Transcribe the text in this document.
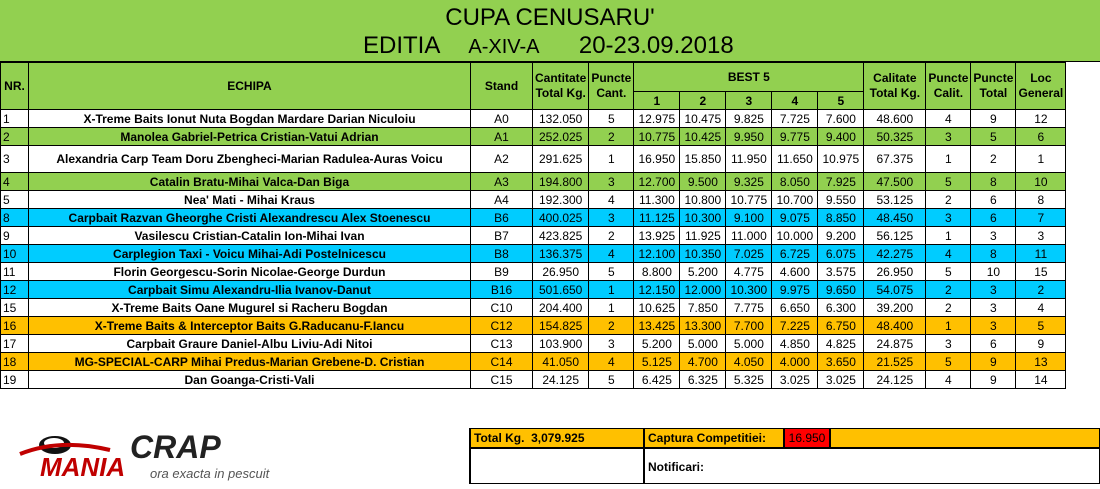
CUPA CENUSARU'
EDITIA A-XIV-A 20-23.09.2018
NR.	ECHIPA	Stand	Cantitate Total Kg.	Puncte Cant.	BEST 5					Calitate Total Kg.	Puncte Calit.	Puncte Total	Loc General
					1	2	3	4	5				
1	X-Treme Baits Ionut Nuta Bogdan Mardare Darian Niculoiu	A0	132.050	5	12.975	10.475	9.825	7.725	7.600	48.600	4	9	12
2	Manolea Gabriel-Petrica Cristian-Vatui Adrian	A1	252.025	2	10.775	10.425	9.950	9.775	9.400	50.325	3	5	6
3	Alexandria Carp Team Doru Zbengheci-Marian Radulea-Auras Voicu	A2	291.625	1	16.950	15.850	11.950	11.650	10.975	67.375	1	2	1
4	Catalin Bratu-Mihai Valca-Dan Biga	A3	194.800	3	12.700	9.500	9.325	8.050	7.925	47.500	5	8	10
5	Nea' Mati - Mihai Kraus	A4	192.300	4	11.300	10.800	10.775	10.700	9.550	53.125	2	6	8
8	Carpbait Razvan Gheorghe Cristi Alexandrescu Alex Stoenescu	B6	400.025	3	11.125	10.300	9.100	9.075	8.850	48.450	3	6	7
9	Vasilescu Cristian-Catalin Ion-Mihai Ivan	B7	423.825	2	13.925	11.925	11.000	10.000	9.200	56.125	1	3	3
10	Carplegion Taxi - Voicu Mihai-Adi Postelnicescu	B8	136.375	4	12.100	10.350	7.025	6.725	6.075	42.275	4	8	11
11	Florin Georgescu-Sorin Nicolae-George Durdun	B9	26.950	5	8.800	5.200	4.775	4.600	3.575	26.950	5	10	15
12	Carpbait Simu Alexandru-Ilia Ivanov-Danut	B16	501.650	1	12.150	12.000	10.300	9.975	9.650	54.075	2	3	2
15	X-Treme Baits Oane Mugurel si Racheru Bogdan	C10	204.400	1	10.625	7.850	7.775	6.650	6.300	39.200	2	3	4
16	X-Treme Baits & Interceptor Baits G.Raducanu-F.Iancu	C12	154.825	2	13.425	13.300	7.700	7.225	6.750	48.400	1	3	5
17	Carpbait Graure Daniel-Albu Liviu-Adi Nitoi	C13	103.900	3	5.200	5.000	5.000	4.850	4.825	24.875	3	6	9
18	MG-SPECIAL-CARP Mihai Predus-Marian Grebene-D. Cristian	C14	41.050	4	5.125	4.700	4.050	4.000	3.650	21.525	5	9	13
19	Dan Goanga-Cristi-Vali	C15	24.125	5	6.425	6.325	5.325	3.025	3.025	24.125	4	9	14
CRAP
MANIA ora exacta in pescuit
Total Kg. 3,079.925	Captura Competitiei:	16.950
Notificari:
